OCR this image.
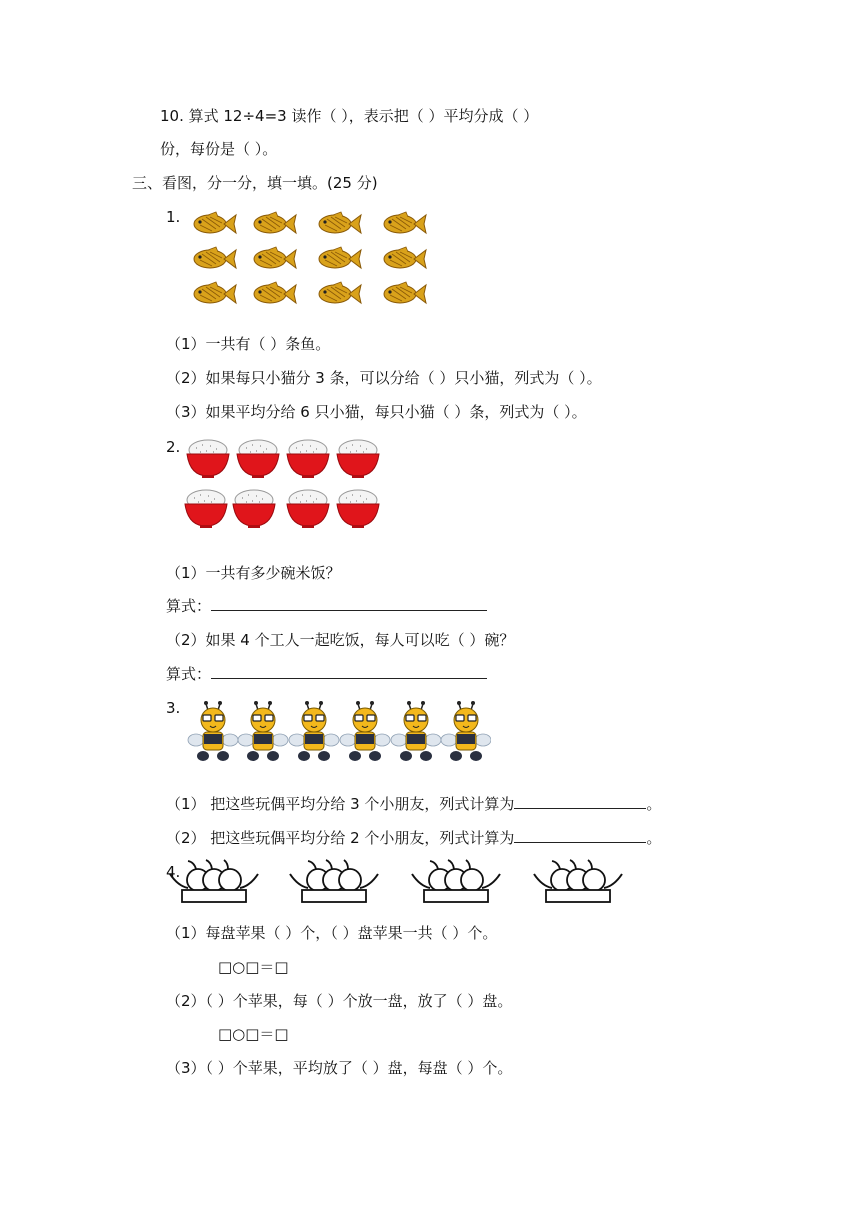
10. 算式 12÷4=3 读作（ ），表示把（ ）平均分成（ ）
份，每份是（ ）。
三、看图，分一分，填一填。(25 分)
1.
（1）一共有（ ）条鱼。
（2）如果每只小猫分 3 条，可以分给（ ）只小猫，列式为（ ）。
（3）如果平均分给 6 只小猫，每只小猫（ ）条，列式为（ ）。
2.
（1）一共有多少碗米饭？
算式：
（2）如果 4 个工人一起吃饭，每人可以吃（ ）碗？
算式：
3.
（1） 把这些玩偶平均分给 3 个小朋友，列式计算为	。
（2） 把这些玩偶平均分给 2 个小朋友，列式计算为	。
4.
（1）每盘苹果（ ）个，（ ）盘苹果一共（ ）个。
□○□＝□
（2）（ ）个苹果，每（ ）个放一盘，放了（ ）盘。
□○□＝□
（3）（ ）个苹果，平均放了（ ）盘，每盘（ ）个。
